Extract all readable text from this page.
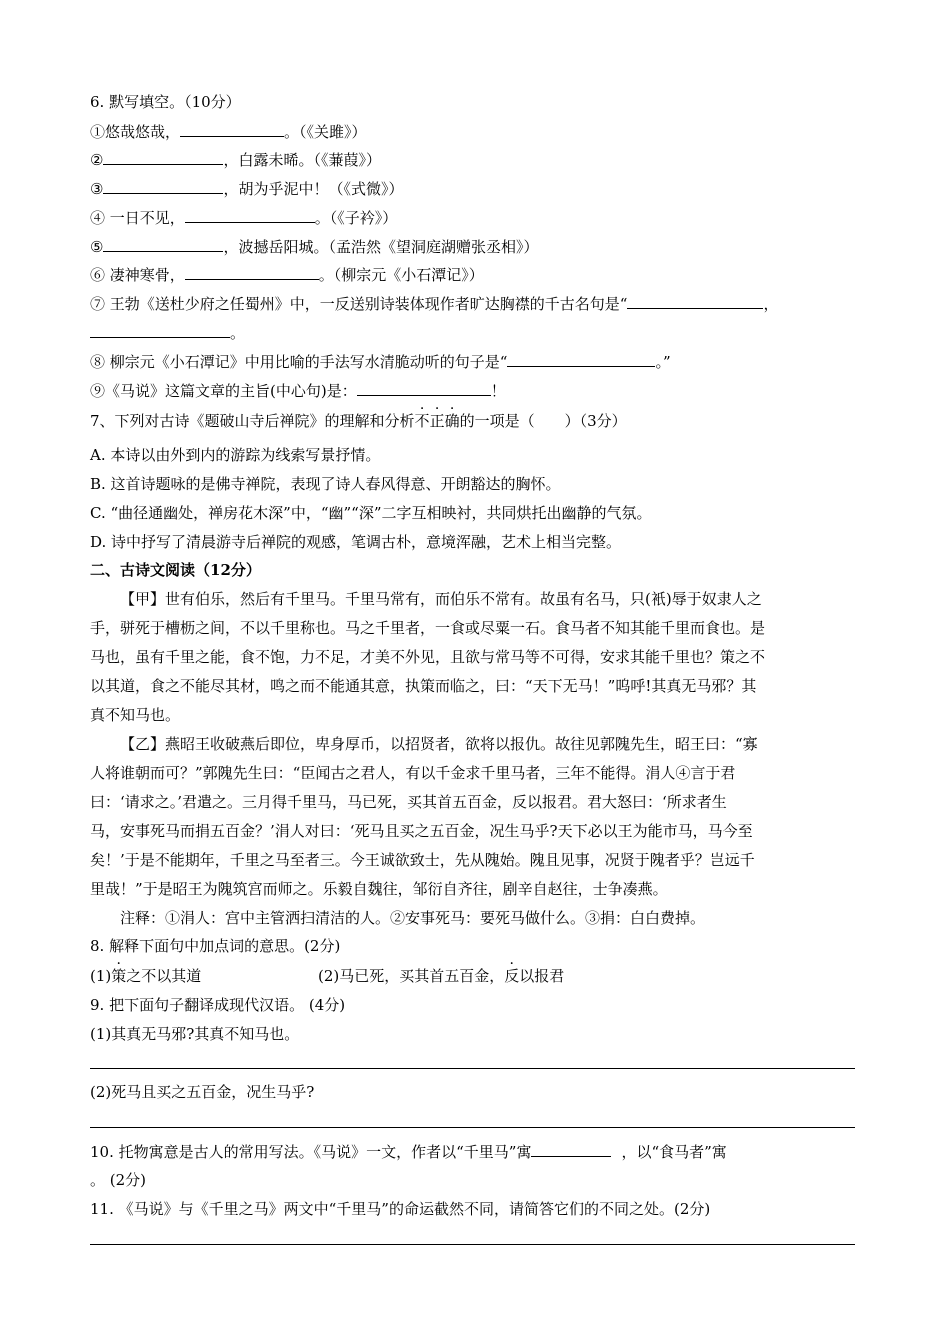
6. 默写填空。（10分）
①悠哉悠哉，	。（《关雎》）
②	，白露未晞。（《蒹葭》）
③	，胡为乎泥中！（《式微》）
④ 一日不见，	。（《子衿》）
⑤	，波撼岳阳城。（孟浩然《望洞庭湖赠张丞相》）
⑥ 凄神寒骨，	。（柳宗元《小石潭记》）
⑦ 王勃《送杜少府之任蜀州》中，一反送别诗装体现作者旷达胸襟的千古名句是“	，
。
⑧ 柳宗元《小石潭记》中用比喻的手法写水清脆动听的句子是“	。”
⑨《马说》这篇文章的主旨(中心句)是：	！
7、下列对古诗《题破山寺后禅院》的理解和分析不正确的一项是（　　）（3分）
A. 本诗以由外到内的游踪为线索写景抒情。
B. 这首诗题咏的是佛寺禅院，表现了诗人春风得意、开朗豁达的胸怀。
C. “曲径通幽处，禅房花木深”中，“幽”“深”二字互相映衬，共同烘托出幽静的气氛。
D. 诗中抒写了清晨游寺后禅院的观感，笔调古朴，意境浑融，艺术上相当完整。
二、古诗文阅读（12分）
【甲】世有伯乐，然后有千里马。千里马常有，而伯乐不常有。故虽有名马，只(衹)辱于奴隶人之
手，骈死于槽枥之间，不以千里称也。马之千里者，一食或尽粟一石。食马者不知其能千里而食也。是
马也，虽有千里之能，食不饱，力不足，才美不外见，且欲与常马等不可得，安求其能千里也？策之不
以其道，食之不能尽其材，鸣之而不能通其意，执策而临之，曰：“天下无马！”呜呼!其真无马邪？其
真不知马也。
【乙】燕昭王收破燕后即位，卑身厚币，以招贤者，欲将以报仇。故往见郭隗先生，昭王曰：“寡
人将谁朝而可？”郭隗先生曰：“臣闻古之君人，有以千金求千里马者，三年不能得。涓人④言于君
曰：‘请求之。’君遣之。三月得千里马，马已死，买其首五百金，反以报君。君大怒曰：‘所求者生
马，安事死马而捐五百金？’涓人对曰：‘死马且买之五百金，况生马乎?天下必以王为能市马，马今至
矣！’于是不能期年，千里之马至者三。今王诚欲致士，先从隗始。隗且见事，况贤于隗者乎？岂远千
里哉！”于是昭王为隗筑宫而师之。乐毅自魏往，邹衍自齐往，剧辛自赵往，士争凑燕。
注释：①涓人：宫中主管洒扫清洁的人。②安事死马：要死马做什么。③捐：白白费掉。
8. 解释下面句中加点词的意思。(2分)
(1)策之不以其道	(2)马已死，买其首五百金，反以报君
9. 把下面句子翻译成现代汉语。 (4分)
(1)其真无马邪?其真不知马也。
(2)死马且买之五百金，况生马乎?
10. 托物寓意是古人的常用写法。《马说》一文，作者以“千里马”寓	，以“食马者”寓
。 (2分)
11. 《马说》与《千里之马》两文中“千里马”的命运截然不同，请简答它们的不同之处。(2分)
